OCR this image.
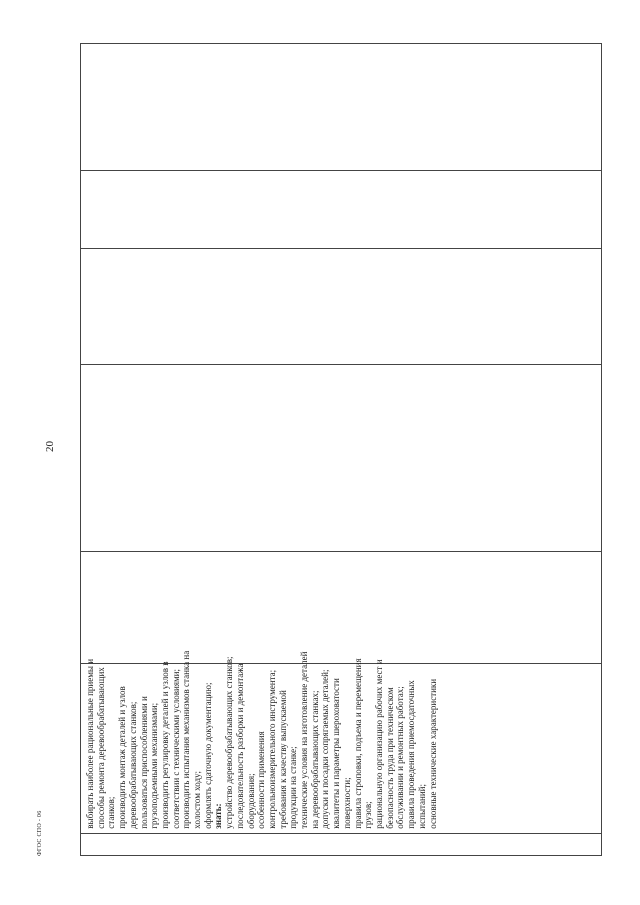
20

выбирать наиболее рациональные приемы и способы ремонта деревообрабатывающих станков; производить монтаж деталей и узлов деревообрабатывающих станков; пользоваться приспособлениями и грузоподъемными механизмами; производить регулировку деталей и узлов в соответствии с техническими условиями; производить испытания механизмов станка на холостом ходу; оформлять сдаточную документацию; знать: устройство деревообрабатывающих станков; последовательность разборки и демонтажа оборудования; особенности применения контрольноизмерительного инструмента; требования к качеству выпускаемой продукции на станке; технические условия на изготовление деталей на деревообрабатывающих станках; допуски и посадки сопрягаемых деталей; квалитеты и параметры шероховатости поверхности; правила строповки, подъема и перемещения грузов; рациональную организацию рабочих мест и безопасность труда при техническом обслуживании и ремонтных работах; правила проведения приемосдаточных испытаний; основные технические характеристики

ФГОС СПО - 06
